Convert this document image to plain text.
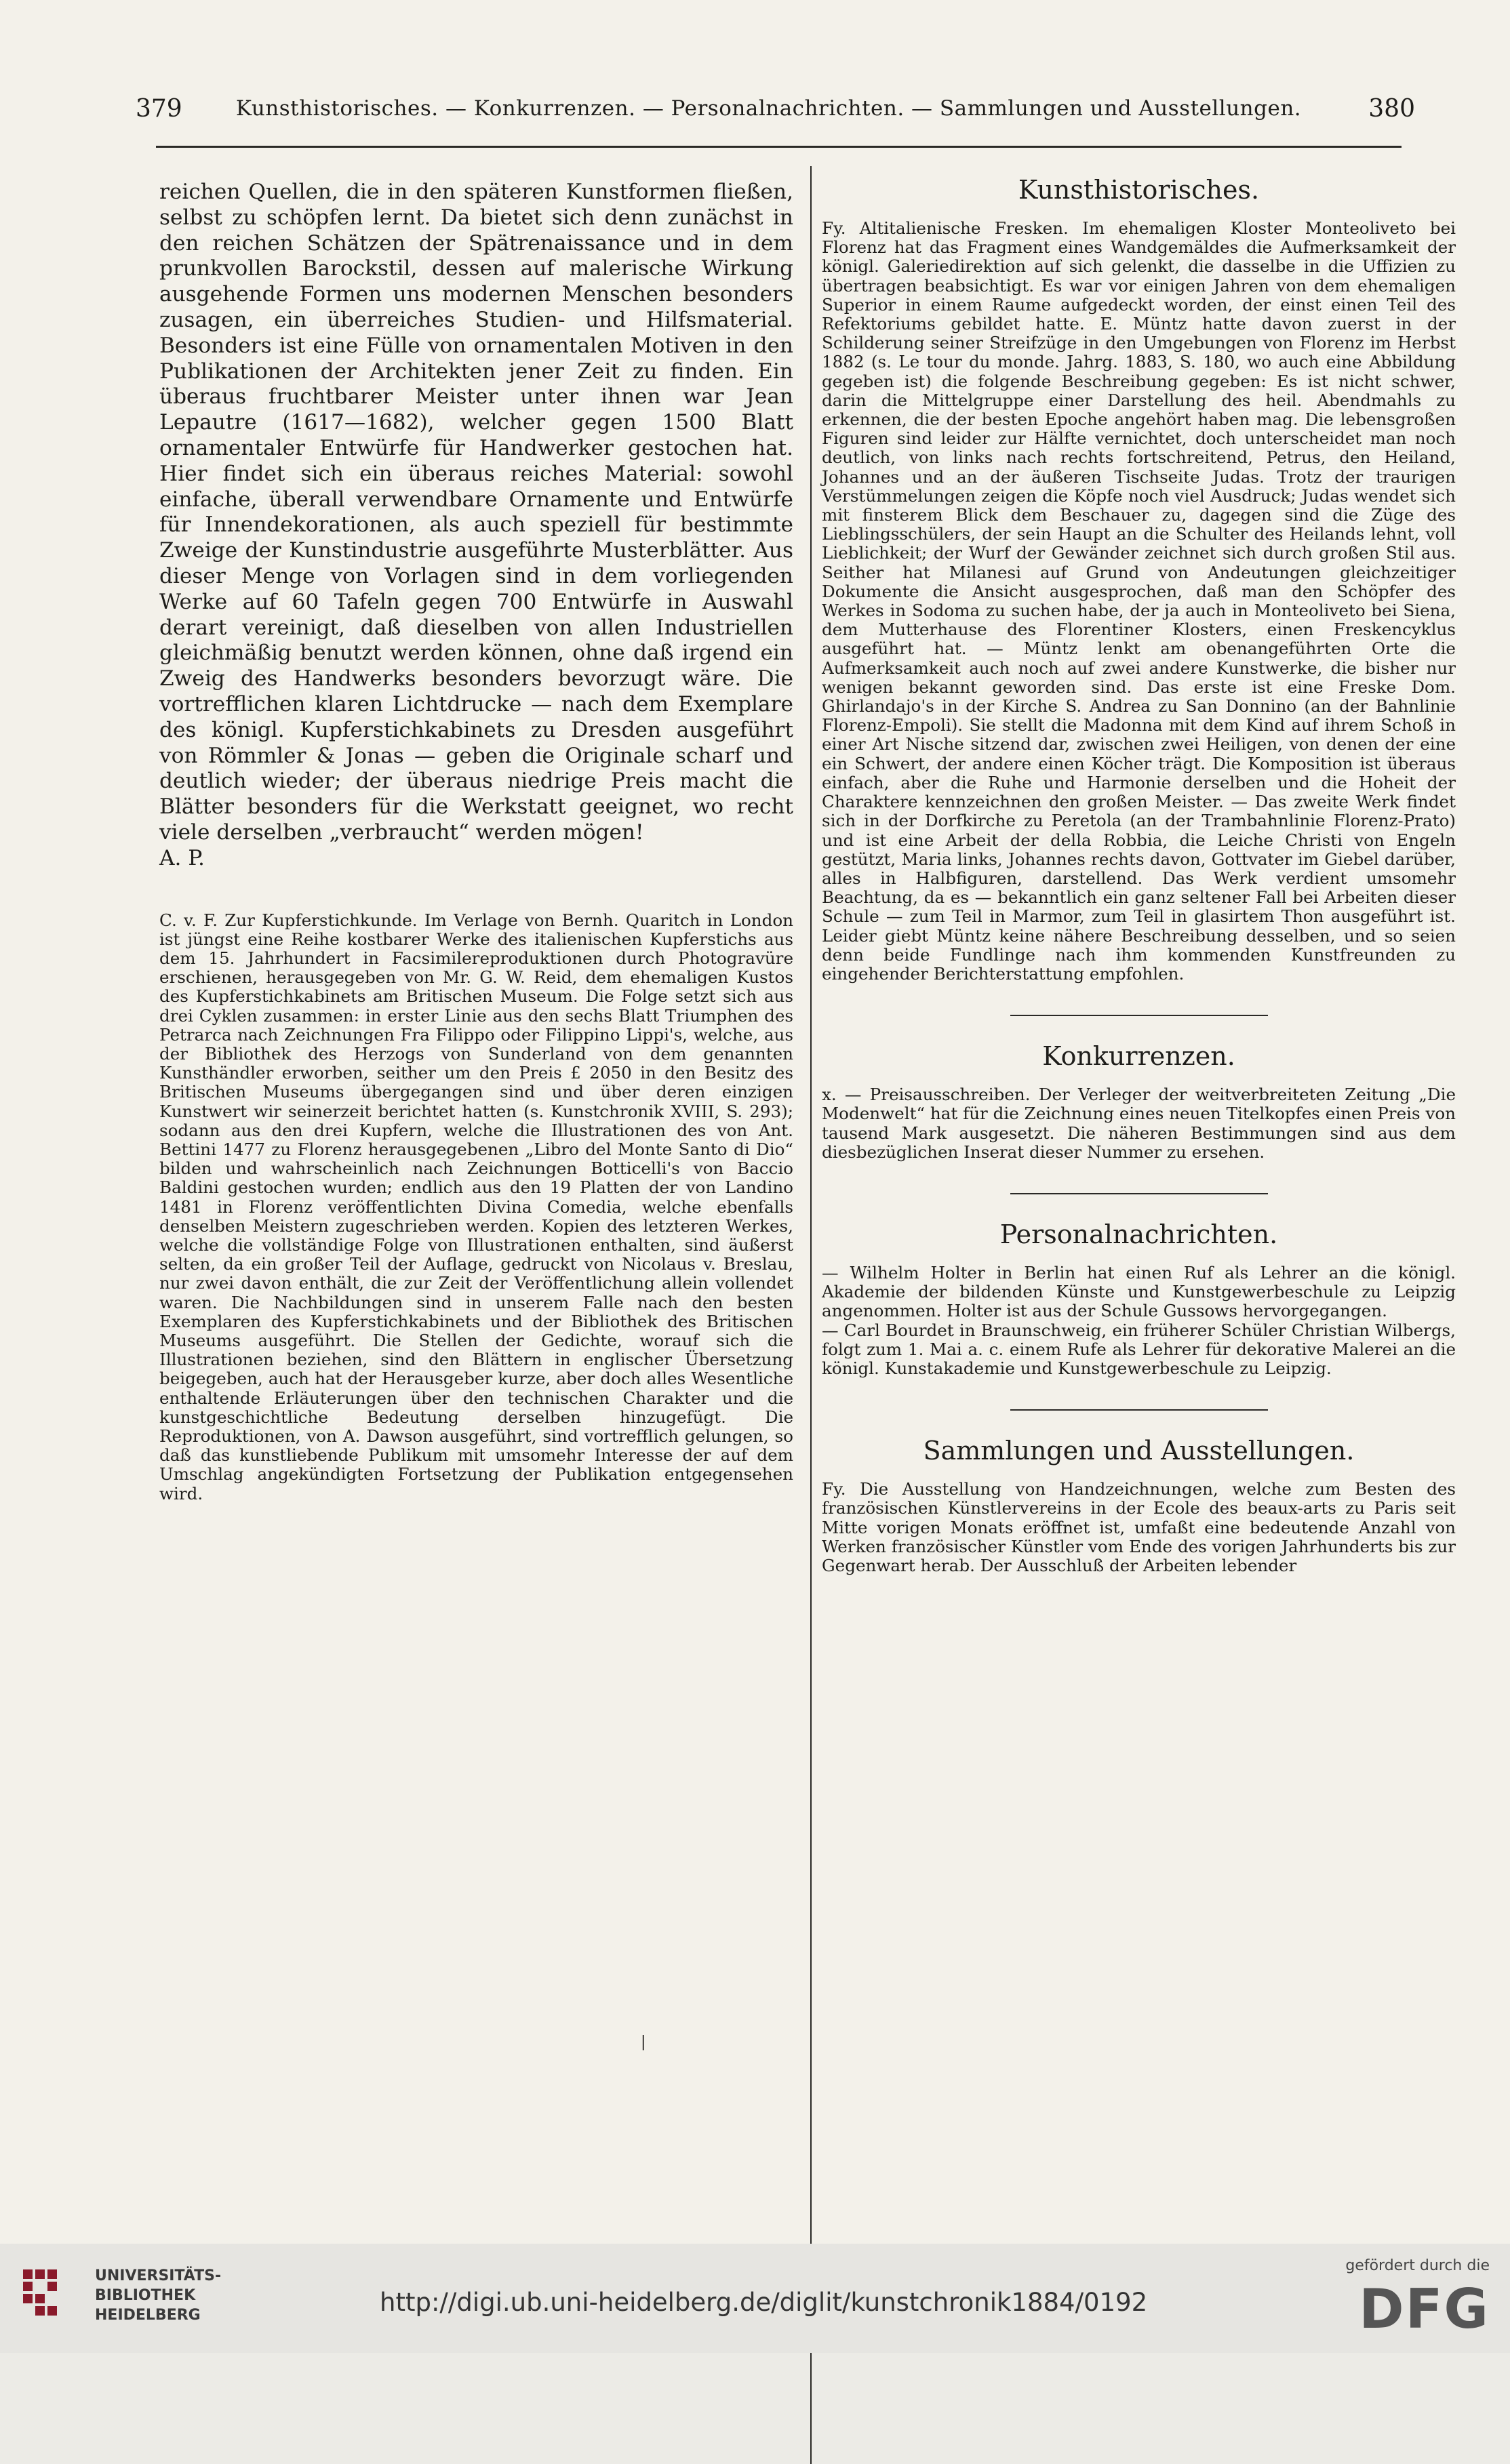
379	Kunsthistorisches. — Konkurrenzen. — Personalnachrichten. — Sammlungen und Ausstellungen.	380

reichen Quellen, die in den späteren Kunstformen fließen, selbst zu schöpfen lernt. Da bietet sich denn zunächst in den reichen Schätzen der Spätrenaissance und in dem prunkvollen Barockstil, dessen auf malerische Wirkung ausgehende Formen uns modernen Menschen besonders zusagen, ein überreiches Studien- und Hilfsmaterial. Besonders ist eine Fülle von ornamentalen Motiven in den Publikationen der Architekten jener Zeit zu finden. Ein überaus fruchtbarer Meister unter ihnen war Jean Lepautre (1617—1682), welcher gegen 1500 Blatt ornamentaler Entwürfe für Handwerker gestochen hat. Hier findet sich ein überaus reiches Material: sowohl einfache, überall verwendbare Ornamente und Entwürfe für Innendekorationen, als auch speziell für bestimmte Zweige der Kunstindustrie ausgeführte Musterblätter. Aus dieser Menge von Vorlagen sind in dem vorliegenden Werke auf 60 Tafeln gegen 700 Entwürfe in Auswahl derart vereinigt, daß dieselben von allen Industriellen gleichmäßig benutzt werden können, ohne daß irgend ein Zweig des Handwerks besonders bevorzugt wäre. Die vortrefflichen klaren Lichtdrucke — nach dem Exemplare des königl. Kupferstichkabinets zu Dresden ausgeführt von Römmler & Jonas — geben die Originale scharf und deutlich wieder; der überaus niedrige Preis macht die Blätter besonders für die Werkstatt geeignet, wo recht viele derselben „verbraucht“ werden mögen!

A. P.

C. v. F. Zur Kupferstichkunde. Im Verlage von Bernh. Quaritch in London ist jüngst eine Reihe kostbarer Werke des italienischen Kupferstichs aus dem 15. Jahrhundert in Facsimilereproduktionen durch Photogravüre erschienen, herausgegeben von Mr. G. W. Reid, dem ehemaligen Kustos des Kupferstichkabinets am Britischen Museum. Die Folge setzt sich aus drei Cyklen zusammen: in erster Linie aus den sechs Blatt Triumphen des Petrarca nach Zeichnungen Fra Filippo oder Filippino Lippi's, welche, aus der Bibliothek des Herzogs von Sunderland von dem genannten Kunsthändler erworben, seither um den Preis £ 2050 in den Besitz des Britischen Museums übergegangen sind und über deren einzigen Kunstwert wir seinerzeit berichtet hatten (s. Kunstchronik XVIII, S. 293); sodann aus den drei Kupfern, welche die Illustrationen des von Ant. Bettini 1477 zu Florenz herausgegebenen „Libro del Monte Santo di Dio“ bilden und wahrscheinlich nach Zeichnungen Botticelli's von Baccio Baldini gestochen wurden; endlich aus den 19 Platten der von Landino 1481 in Florenz veröffentlichten Divina Comedia, welche ebenfalls denselben Meistern zugeschrieben werden. Kopien des letzteren Werkes, welche die vollständige Folge von Illustrationen enthalten, sind äußerst selten, da ein großer Teil der Auflage, gedruckt von Nicolaus v. Breslau, nur zwei davon enthält, die zur Zeit der Veröffentlichung allein vollendet waren. Die Nachbildungen sind in unserem Falle nach den besten Exemplaren des Kupferstichkabinets und der Bibliothek des Britischen Museums ausgeführt. Die Stellen der Gedichte, worauf sich die Illustrationen beziehen, sind den Blättern in englischer Übersetzung beigegeben, auch hat der Herausgeber kurze, aber doch alles Wesentliche enthaltende Erläuterungen über den technischen Charakter und die kunstgeschichtliche Bedeutung derselben hinzugefügt. Die Reproduktionen, von A. Dawson ausgeführt, sind vortrefflich gelungen, so daß das kunstliebende Publikum mit umsomehr Interesse der auf dem Umschlag angekündigten Fortsetzung der Publikation entgegensehen wird.

Kunsthistorisches.

Fy. Altitalienische Fresken. Im ehemaligen Kloster Monteoliveto bei Florenz hat das Fragment eines Wandgemäldes die Aufmerksamkeit der königl. Galeriedirektion auf sich gelenkt, die dasselbe in die Uffizien zu übertragen beabsichtigt. Es war vor einigen Jahren von dem ehemaligen Superior in einem Raume aufgedeckt worden, der einst einen Teil des Refektoriums gebildet hatte. E. Müntz hatte davon zuerst in der Schilderung seiner Streifzüge in den Umgebungen von Florenz im Herbst 1882 (s. Le tour du monde. Jahrg. 1883, S. 180, wo auch eine Abbildung gegeben ist) die folgende Beschreibung gegeben: Es ist nicht schwer, darin die Mittelgruppe einer Darstellung des heil. Abendmahls zu erkennen, die der besten Epoche angehört haben mag. Die lebensgroßen Figuren sind leider zur Hälfte vernichtet, doch unterscheidet man noch deutlich, von links nach rechts fortschreitend, Petrus, den Heiland, Johannes und an der äußeren Tischseite Judas. Trotz der traurigen Verstümmelungen zeigen die Köpfe noch viel Ausdruck; Judas wendet sich mit finsterem Blick dem Beschauer zu, dagegen sind die Züge des Lieblingsschülers, der sein Haupt an die Schulter des Heilands lehnt, voll Lieblichkeit; der Wurf der Gewänder zeichnet sich durch großen Stil aus. Seither hat Milanesi auf Grund von Andeutungen gleichzeitiger Dokumente die Ansicht ausgesprochen, daß man den Schöpfer des Werkes in Sodoma zu suchen habe, der ja auch in Monteoliveto bei Siena, dem Mutterhause des Florentiner Klosters, einen Freskencyklus ausgeführt hat. — Müntz lenkt am obenangeführten Orte die Aufmerksamkeit auch noch auf zwei andere Kunstwerke, die bisher nur wenigen bekannt geworden sind. Das erste ist eine Freske Dom. Ghirlandajo's in der Kirche S. Andrea zu San Donnino (an der Bahnlinie Florenz-Empoli). Sie stellt die Madonna mit dem Kind auf ihrem Schoß in einer Art Nische sitzend dar, zwischen zwei Heiligen, von denen der eine ein Schwert, der andere einen Köcher trägt. Die Komposition ist überaus einfach, aber die Ruhe und Harmonie derselben und die Hoheit der Charaktere kennzeichnen den großen Meister. — Das zweite Werk findet sich in der Dorfkirche zu Peretola (an der Trambahnlinie Florenz-Prato) und ist eine Arbeit der della Robbia, die Leiche Christi von Engeln gestützt, Maria links, Johannes rechts davon, Gottvater im Giebel darüber, alles in Halbfiguren, darstellend. Das Werk verdient umsomehr Beachtung, da es — bekanntlich ein ganz seltener Fall bei Arbeiten dieser Schule — zum Teil in Marmor, zum Teil in glasirtem Thon ausgeführt ist. Leider giebt Müntz keine nähere Beschreibung desselben, und so seien denn beide Fundlinge nach ihm kommenden Kunstfreunden zu eingehender Berichterstattung empfohlen.

Konkurrenzen.

x. — Preisausschreiben. Der Verleger der weitverbreiteten Zeitung „Die Modenwelt“ hat für die Zeichnung eines neuen Titelkopfes einen Preis von tausend Mark ausgesetzt. Die näheren Bestimmungen sind aus dem diesbezüglichen Inserat dieser Nummer zu ersehen.

Personalnachrichten.

— Wilhelm Holter in Berlin hat einen Ruf als Lehrer an die königl. Akademie der bildenden Künste und Kunstgewerbeschule zu Leipzig angenommen. Holter ist aus der Schule Gussows hervorgegangen.

— Carl Bourdet in Braunschweig, ein früherer Schüler Christian Wilbergs, folgt zum 1. Mai a. c. einem Rufe als Lehrer für dekorative Malerei an die königl. Kunstakademie und Kunstgewerbeschule zu Leipzig.

Sammlungen und Ausstellungen.

Fy. Die Ausstellung von Handzeichnungen, welche zum Besten des französischen Künstlervereins in der Ecole des beaux-arts zu Paris seit Mitte vorigen Monats eröffnet ist, umfaßt eine bedeutende Anzahl von Werken französischer Künstler vom Ende des vorigen Jahrhunderts bis zur Gegenwart herab. Der Ausschluß der Arbeiten lebender

|
UNIVERSITÄTS-
BIBLIOTHEK
HEIDELBERG	http://digi.ub.uni-heidelberg.de/diglit/kunstchronik1884/0192
gefördert durch die
DFG
